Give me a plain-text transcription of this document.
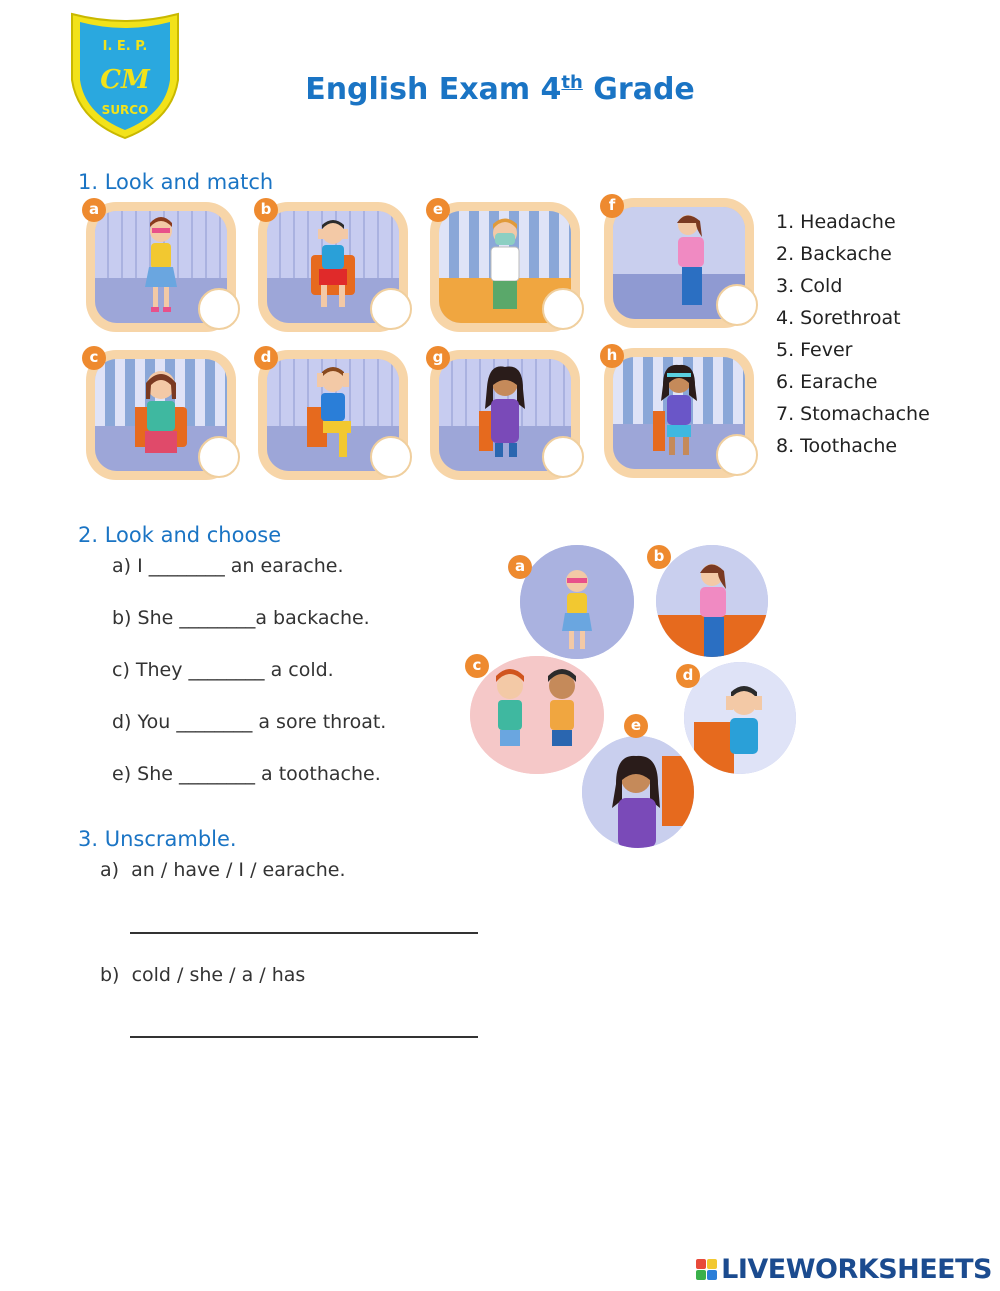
I. E. P.
CM
SURCO
English Exam 4th Grade
1. Look and match
a	b	e	f
c	d	g	h
1. Headache
2. Backache
3. Cold
4. Sorethroat
5. Fever
6. Earache
7. Stomachache
8. Toothache
2. Look and choose
a) I ________ an earache.
b) She ________a backache.
c) They ________ a cold.
d) You ________ a sore throat.
e) She ________ a toothache.
a
b
c
d
e
3. Unscramble.
a) an / have / I / earache.
b) cold / she / a / has
LIVEWORKSHEETS
